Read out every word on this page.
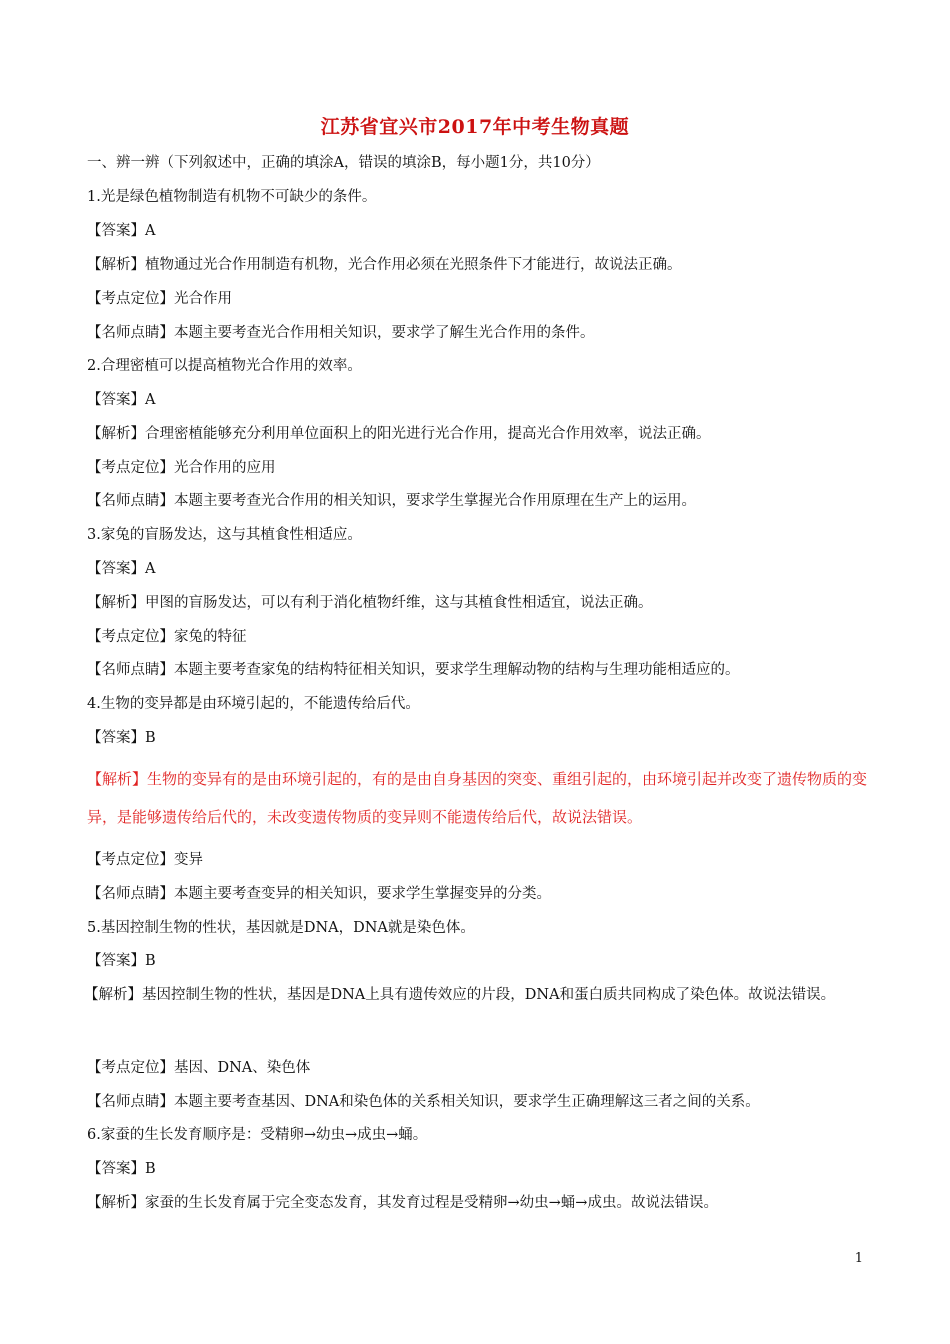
江苏省宜兴市2017年中考生物真题
一、辨一辨（下列叙述中，正确的填涂A，错误的填涂B，每小题1分，共10分）
1.光是绿色植物制造有机物不可缺少的条件。
【答案】A
【解析】植物通过光合作用制造有机物，光合作用必须在光照条件下才能进行，故说法正确。
【考点定位】光合作用
【名师点睛】本题主要考查光合作用相关知识，要求学了解生光合作用的条件。
2.合理密植可以提高植物光合作用的效率。
【答案】A
【解析】合理密植能够充分利用单位面积上的阳光进行光合作用，提高光合作用效率，说法正确。
【考点定位】光合作用的应用
【名师点睛】本题主要考查光合作用的相关知识，要求学生掌握光合作用原理在生产上的运用。
3.家兔的盲肠发达，这与其植食性相适应。
【答案】A
【解析】甲图的盲肠发达，可以有利于消化植物纤维，这与其植食性相适宜，说法正确。
【考点定位】家兔的特征
【名师点睛】本题主要考查家兔的结构特征相关知识，要求学生理解动物的结构与生理功能相适应的。
4.生物的变异都是由环境引起的，不能遗传给后代。
【答案】B
【解析】生物的变异有的是由环境引起的，有的是由自身基因的突变、重组引起的，由环境引起并改变了遗传物质的变异，是能够遗传给后代的，未改变遗传物质的变异则不能遗传给后代，故说法错误。
【考点定位】变异
【名师点睛】本题主要考查变异的相关知识，要求学生掌握变异的分类。
5.基因控制生物的性状，基因就是DNA，DNA就是染色体。
【答案】B
【解析】基因控制生物的性状，基因是DNA上具有遗传效应的片段，DNA和蛋白质共同构成了染色体。故说法错误。
【考点定位】基因、DNA、染色体
【名师点睛】本题主要考查基因、DNA和染色体的关系相关知识，要求学生正确理解这三者之间的关系。
6.家蚕的生长发育顺序是：受精卵→幼虫→成虫→蛹。
【答案】B
【解析】家蚕的生长发育属于完全变态发育，其发育过程是受精卵→幼虫→蛹→成虫。故说法错误。
1
